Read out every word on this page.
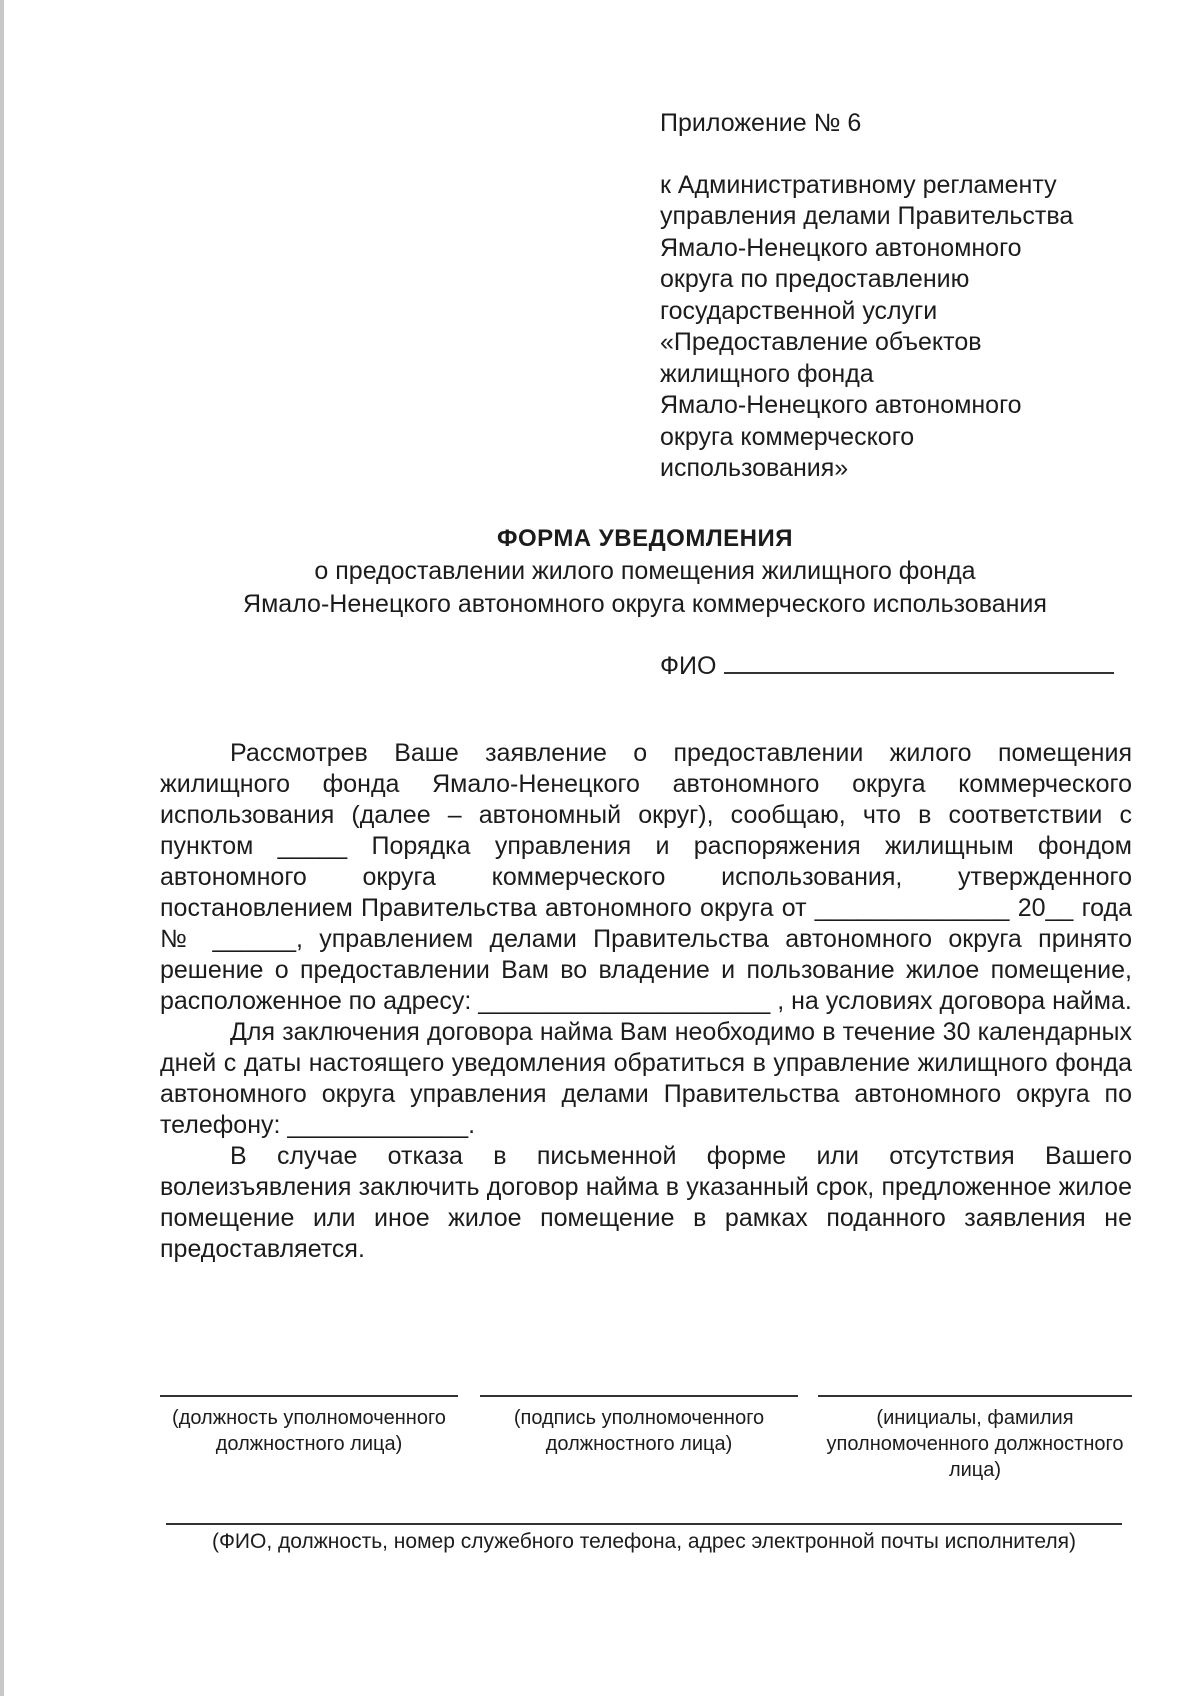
Приложение № 6
к Административному регламенту
управления делами Правительства
Ямало-Ненецкого автономного
округа по предоставлению
государственной услуги
«Предоставление объектов
жилищного фонда
Ямало-Ненецкого автономного
округа коммерческого
использования»
ФОРМА УВЕДОМЛЕНИЯ
о предоставлении жилого помещения жилищного фонда
Ямало-Ненецкого автономного округа коммерческого использования
ФИО

Рассмотрев Ваше заявление о предоставлении жилого помещения жилищного фонда Ямало-Ненецкого автономного округа коммерческого использования (далее – автономный округ), сообщаю, что в соответствии с пунктом _____ Порядка управления и распоряжения жилищным фондом автономного округа коммерческого использования, утвержденного постановлением Правительства автономного округа от ______________ 20__ года № ______, управлением делами Правительства автономного округа принято решение о предоставлении Вам во владение и пользование жилое помещение, расположенное по адресу: _____________________ , на условиях договора найма.

Для заключения договора найма Вам необходимо в течение 30 календарных дней с даты настоящего уведомления обратиться в управление жилищного фонда автономного округа управления делами Правительства автономного округа по телефону: _____________.

В случае отказа в письменной форме или отсутствия Вашего волеизъявления заключить договор найма в указанный срок, предложенное жилое помещение или иное жилое помещение в рамках поданного заявления не предоставляется.

(должность уполномоченного должностного лица)
(подпись уполномоченного должностного лица)
(инициалы, фамилия уполномоченного должностного лица)
(ФИО, должность, номер служебного телефона, адрес электронной почты исполнителя)
